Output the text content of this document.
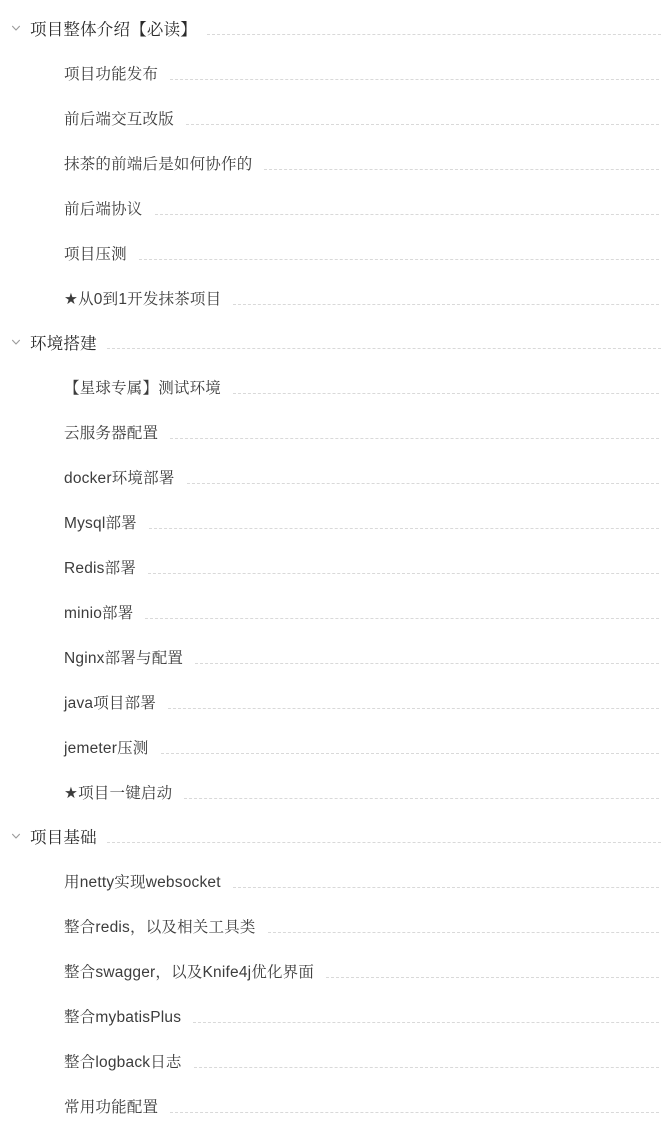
项目整体介绍【必读】
项目功能发布
前后端交互改版
抹茶的前端后是如何协作的
前后端协议
项目压测
★从0到1开发抹茶项目
环境搭建
【星球专属】测试环境
云服务器配置
docker环境部署
Mysql部署
Redis部署
minio部署
Nginx部署与配置
java项目部署
jemeter压测
★项目一键启动
项目基础
用netty实现websocket
整合redis，以及相关工具类
整合swagger，以及Knife4j优化界面
整合mybatisPlus
整合logback日志
常用功能配置
